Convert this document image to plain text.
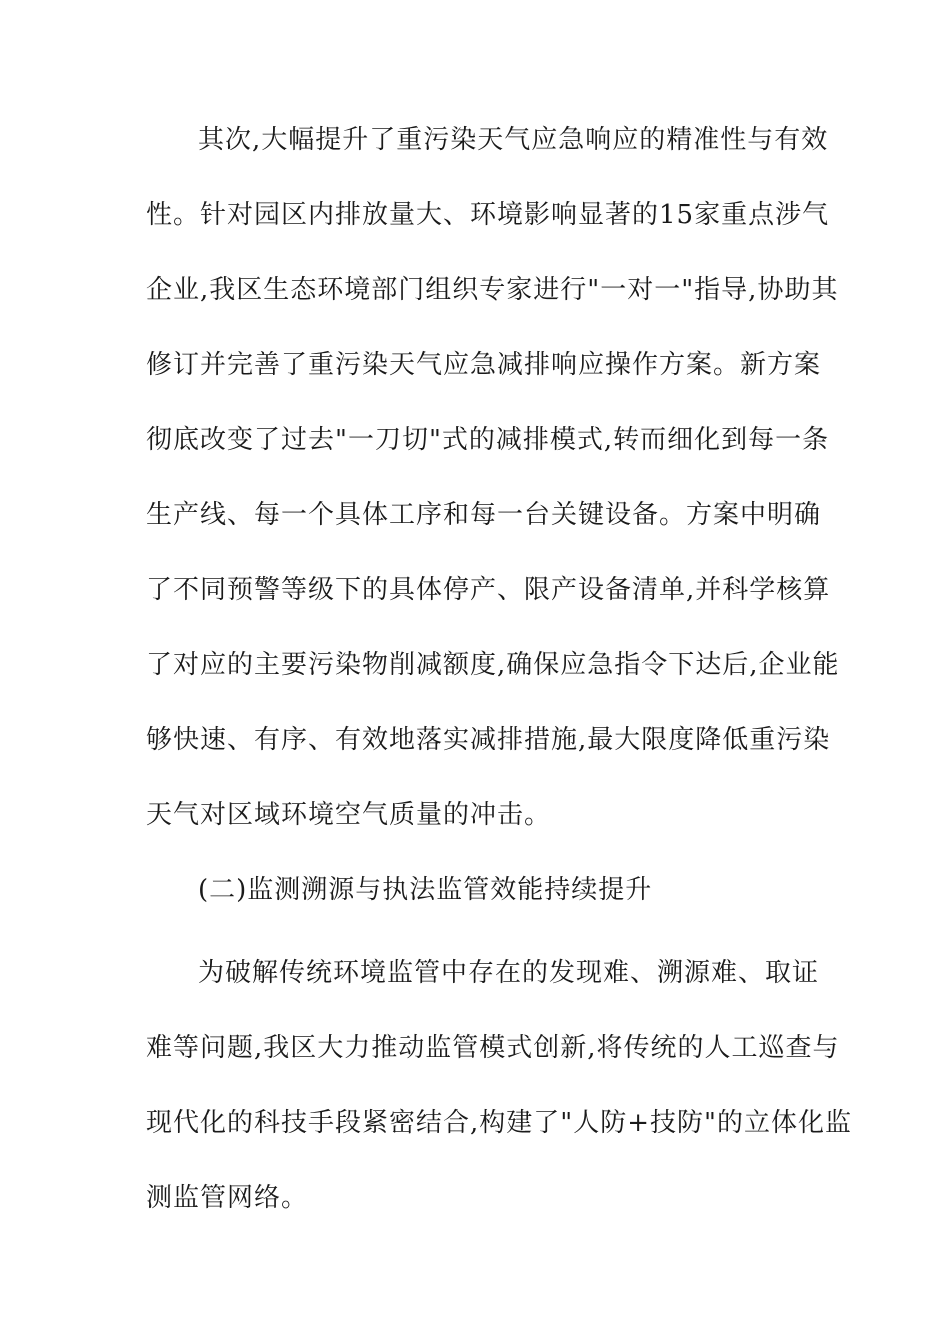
其次,大幅提升了重污染天气应急响应的精准性与有效

性。针对园区内排放量大、环境影响显著的15家重点涉气

企业,我区生态环境部门组织专家进行"一对一"指导,协助其

修订并完善了重污染天气应急减排响应操作方案。新方案

彻底改变了过去"一刀切"式的减排模式,转而细化到每一条

生产线、每一个具体工序和每一台关键设备。方案中明确

了不同预警等级下的具体停产、限产设备清单,并科学核算

了对应的主要污染物削减额度,确保应急指令下达后,企业能

够快速、有序、有效地落实减排措施,最大限度降低重污染

天气对区域环境空气质量的冲击。

(二)监测溯源与执法监管效能持续提升

为破解传统环境监管中存在的发现难、溯源难、取证

难等问题,我区大力推动监管模式创新,将传统的人工巡查与

现代化的科技手段紧密结合,构建了"人防+技防"的立体化监

测监管网络。
